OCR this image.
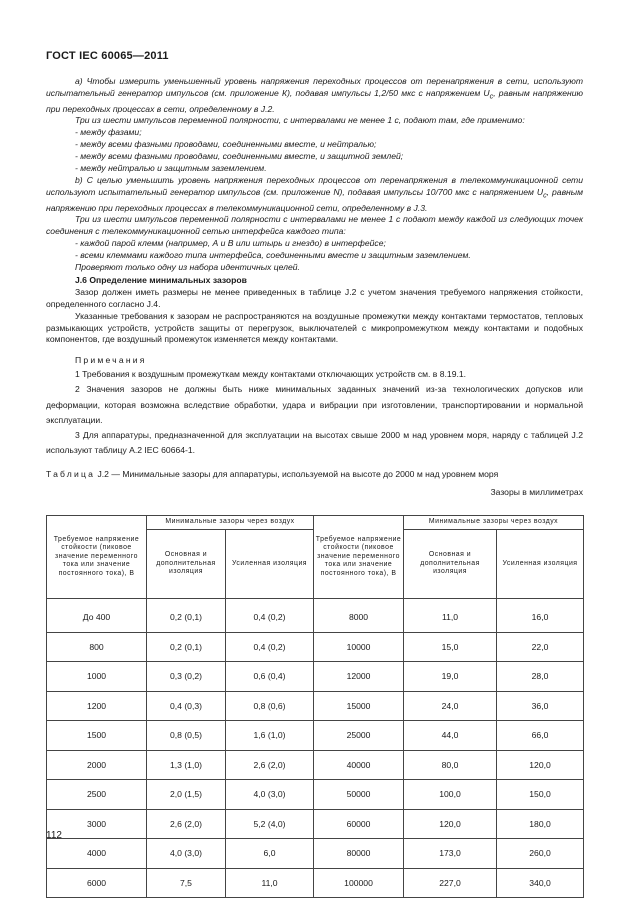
ГОСТ IEC 60065—2011

а) Чтобы измерить уменьшенный уровень напряжения переходных процессов от перенапряжения в сети, используют испытательный генератор импульсов (см. приложение К), подавая импульсы 1,2/50 мкс с напряжением $U_c$, равным напряжению при переходных процессах в сети, определенному в J.2.

Три из шести импульсов переменной полярности, с интервалами не менее 1 с, подают там, где применимо:

- между фазами;

- между всеми фазными проводами, соединенными вместе, и нейтралью;

- между всеми фазными проводами, соединенными вместе, и защитной землей;

- между нейтралью и защитным заземлением.

b) С целью уменьшить уровень напряжения переходных процессов от перенапряжения в телекоммуникационной сети используют испытательный генератор импульсов (см. приложение N), подавая импульсы 10/700 мкс с напряжением $U_c$, равным напряжению при переходных процессах в телекоммуникационной сети, определенному в J.3.

Три из шести импульсов переменной полярности с интервалами не менее 1 с подают между каждой из следующих точек соединения с телекоммуникационной сетью интерфейса каждого типа:

- каждой парой клемм (например, А и В или штырь и гнездо) в интерфейсе;

- всеми клеммами каждого типа интерфейса, соединенными вместе и защитным заземлением.

Проверяют только одну из набора идентичных целей.

J.6 Определение минимальных зазоров

Зазор должен иметь размеры не менее приведенных в таблице J.2 с учетом значения требуемого напряжения стойкости, определенного согласно J.4.

Указанные требования к зазорам не распространяются на воздушные промежутки между контактами термостатов, тепловых размыкающих устройств, устройств защиты от перегрузок, выключателей с микропромежутком между контактами и подобных компонентов, где воздушный промежуток изменяется между контактами.

Примечания

1 Требования к воздушным промежуткам между контактами отключающих устройств см. в 8.19.1.

2 Значения зазоров не должны быть ниже минимальных заданных значений из-за технологических допусков или деформации, которая возможна вследствие обработки, удара и вибрации при изготовлении, транспортировании и нормальной эксплуатации.

3 Для аппаратуры, предназначенной для эксплуатации на высотах свыше 2000 м над уровнем моря, наряду с таблицей J.2 используют таблицу А.2 IEC 60664-1.

Таблица J.2 — Минимальные зазоры для аппаратуры, используемой на высоте до 2000 м над уровнем моря

Зазоры в миллиметрах

Требуемое напряжение стойкости (пиковое значение переменного тока или значение постоянного тока), В	Минимальные зазоры через воздух		Требуемое напряжение стойкости (пиковое значение переменного тока или значение постоянного тока), В	Минимальные зазоры через воздух	
	Основная и дополнительная изоляция	Усиленная изоляция		Основная и дополнительная изоляция	Усиленная изоляция
До 400	0,2 (0,1)	0,4 (0,2)	8000	11,0	16,0
800	0,2 (0,1)	0,4 (0,2)	10000	15,0	22,0
1000	0,3 (0,2)	0,6 (0,4)	12000	19,0	28,0
1200	0,4 (0,3)	0,8 (0,6)	15000	24,0	36,0
1500	0,8 (0,5)	1,6 (1,0)	25000	44,0	66,0
2000	1,3 (1,0)	2,6 (2,0)	40000	80,0	120,0
2500	2,0 (1,5)	4,0 (3,0)	50000	100,0	150,0
3000	2,6 (2,0)	5,2 (4,0)	60000	120,0	180,0
4000	4,0 (3,0)	6,0	80000	173,0	260,0
6000	7,5	11,0	100000	227,0	340,0
112
